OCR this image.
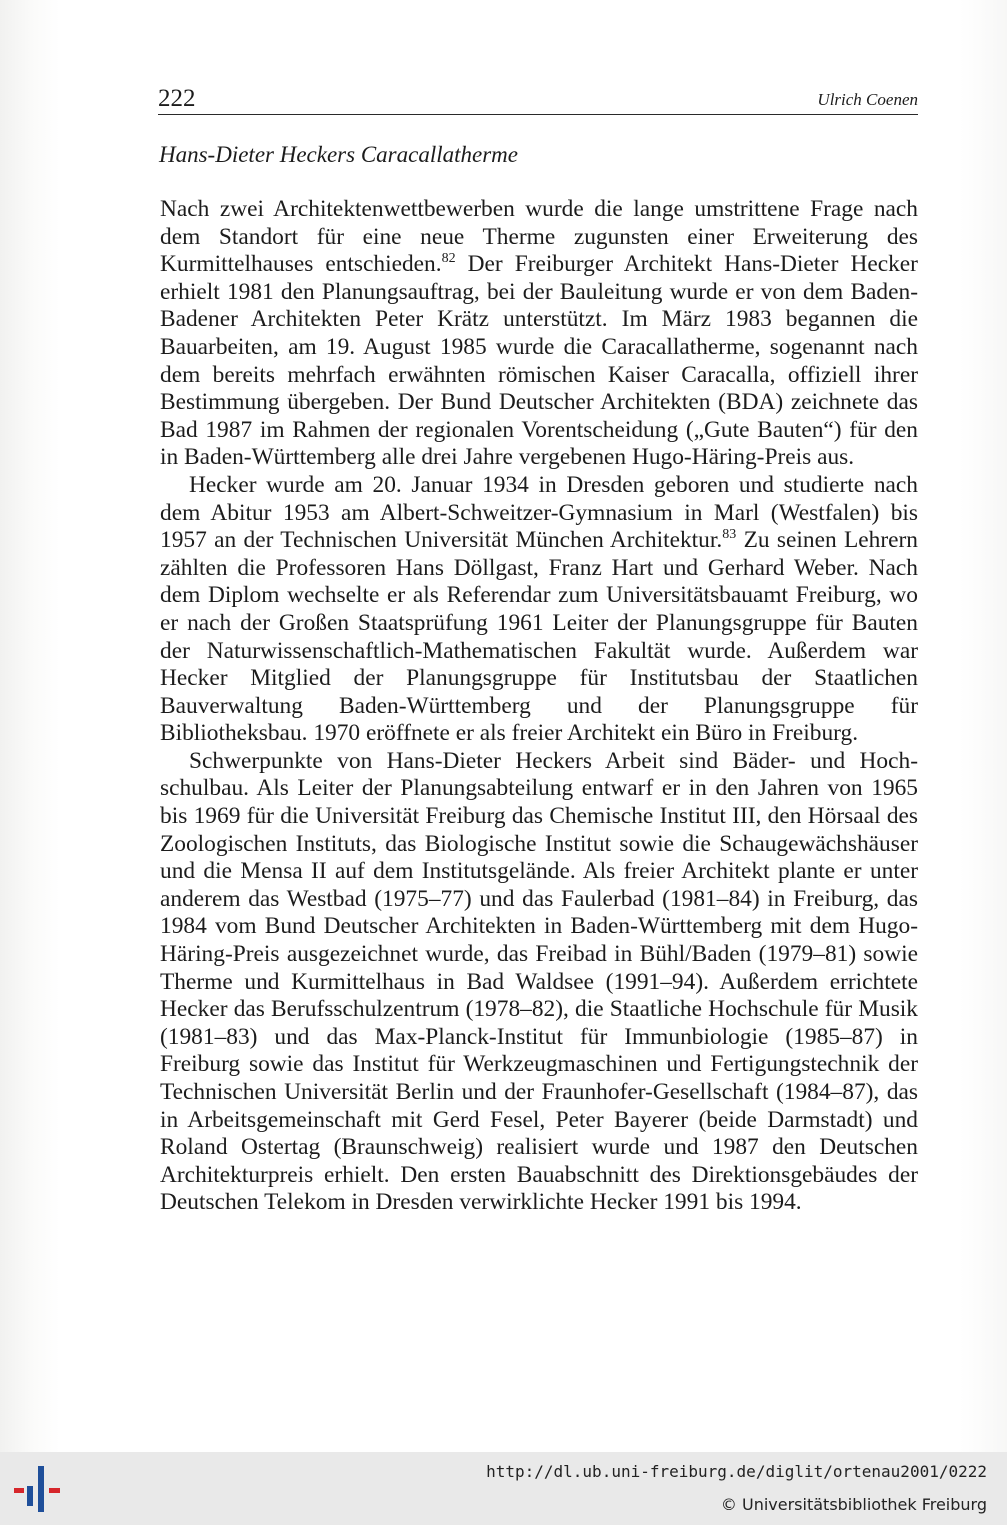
222	Ulrich Coenen
Hans-Dieter Heckers Caracallatherme

Nach zwei Architektenwettbewerben wurde die lange umstrittene Frage nach dem Standort für eine neue Therme zugunsten einer Erweiterung des Kurmittelhauses entschieden.$^{82}$ Der Freiburger Architekt Hans-Dieter Hecker erhielt 1981 den Planungsauftrag, bei der Bauleitung wurde er von dem Baden-Badener Architekten Peter Krätz unterstützt. Im März 1983 begannen die Bauarbeiten, am 19. August 1985 wurde die Caracallatherme, sogenannt nach dem bereits mehrfach erwähnten römischen Kaiser Caracalla, offiziell ihrer Bestimmung übergeben. Der Bund Deutscher Architekten (BDA) zeichnete das Bad 1987 im Rahmen der regionalen Vorentscheidung („Gute Bauten“) für den in Baden-Württemberg alle drei Jahre vergebenen Hugo-Häring-Preis aus.

Hecker wurde am 20. Januar 1934 in Dresden geboren und studierte nach dem Abitur 1953 am Albert-Schweitzer-Gymnasium in Marl (Westfalen) bis 1957 an der Technischen Universität München Architektur.$^{83}$ Zu seinen Lehrern zählten die Professoren Hans Döllgast, Franz Hart und Gerhard Weber. Nach dem Diplom wechselte er als Referendar zum Universitätsbauamt Freiburg, wo er nach der Großen Staatsprüfung 1961 Leiter der Planungsgruppe für Bauten der Naturwissenschaftlich-Mathematischen Fakultät wurde. Außerdem war Hecker Mitglied der Planungsgruppe für Institutsbau der Staatlichen Bauverwaltung Baden-Württemberg und der Planungsgruppe für Bibliotheksbau. 1970 eröffnete er als freier Architekt ein Büro in Freiburg.

Schwerpunkte von Hans-Dieter Heckers Arbeit sind Bäder- und Hochschulbau. Als Leiter der Planungsabteilung entwarf er in den Jahren von 1965 bis 1969 für die Universität Freiburg das Chemische Institut III, den Hörsaal des Zoologischen Instituts, das Biologische Institut sowie die Schaugewächshäuser und die Mensa II auf dem Institutsgelände. Als freier Architekt plante er unter anderem das Westbad (1975–77) und das Faulerbad (1981–84) in Freiburg, das 1984 vom Bund Deutscher Architekten in Baden-Württemberg mit dem Hugo-Häring-Preis ausgezeichnet wurde, das Freibad in Bühl/Baden (1979–81) sowie Therme und Kurmittelhaus in Bad Waldsee (1991–94). Außerdem errichtete Hecker das Berufsschulzentrum (1978–82), die Staatliche Hochschule für Musik (1981–83) und das Max-Planck-Institut für Immunbiologie (1985–87) in Freiburg sowie das Institut für Werkzeugmaschinen und Fertigungstechnik der Technischen Universität Berlin und der Fraunhofer-Gesellschaft (1984–87), das in Arbeitsgemeinschaft mit Gerd Fesel, Peter Bayerer (beide Darmstadt) und Roland Ostertag (Braunschweig) realisiert wurde und 1987 den Deutschen Architekturpreis erhielt. Den ersten Bauabschnitt des Direktionsgebäudes der Deutschen Telekom in Dresden verwirklichte Hecker 1991 bis 1994.

http://dl.ub.uni-freiburg.de/diglit/ortenau2001/0222
© Universitätsbibliothek Freiburg
